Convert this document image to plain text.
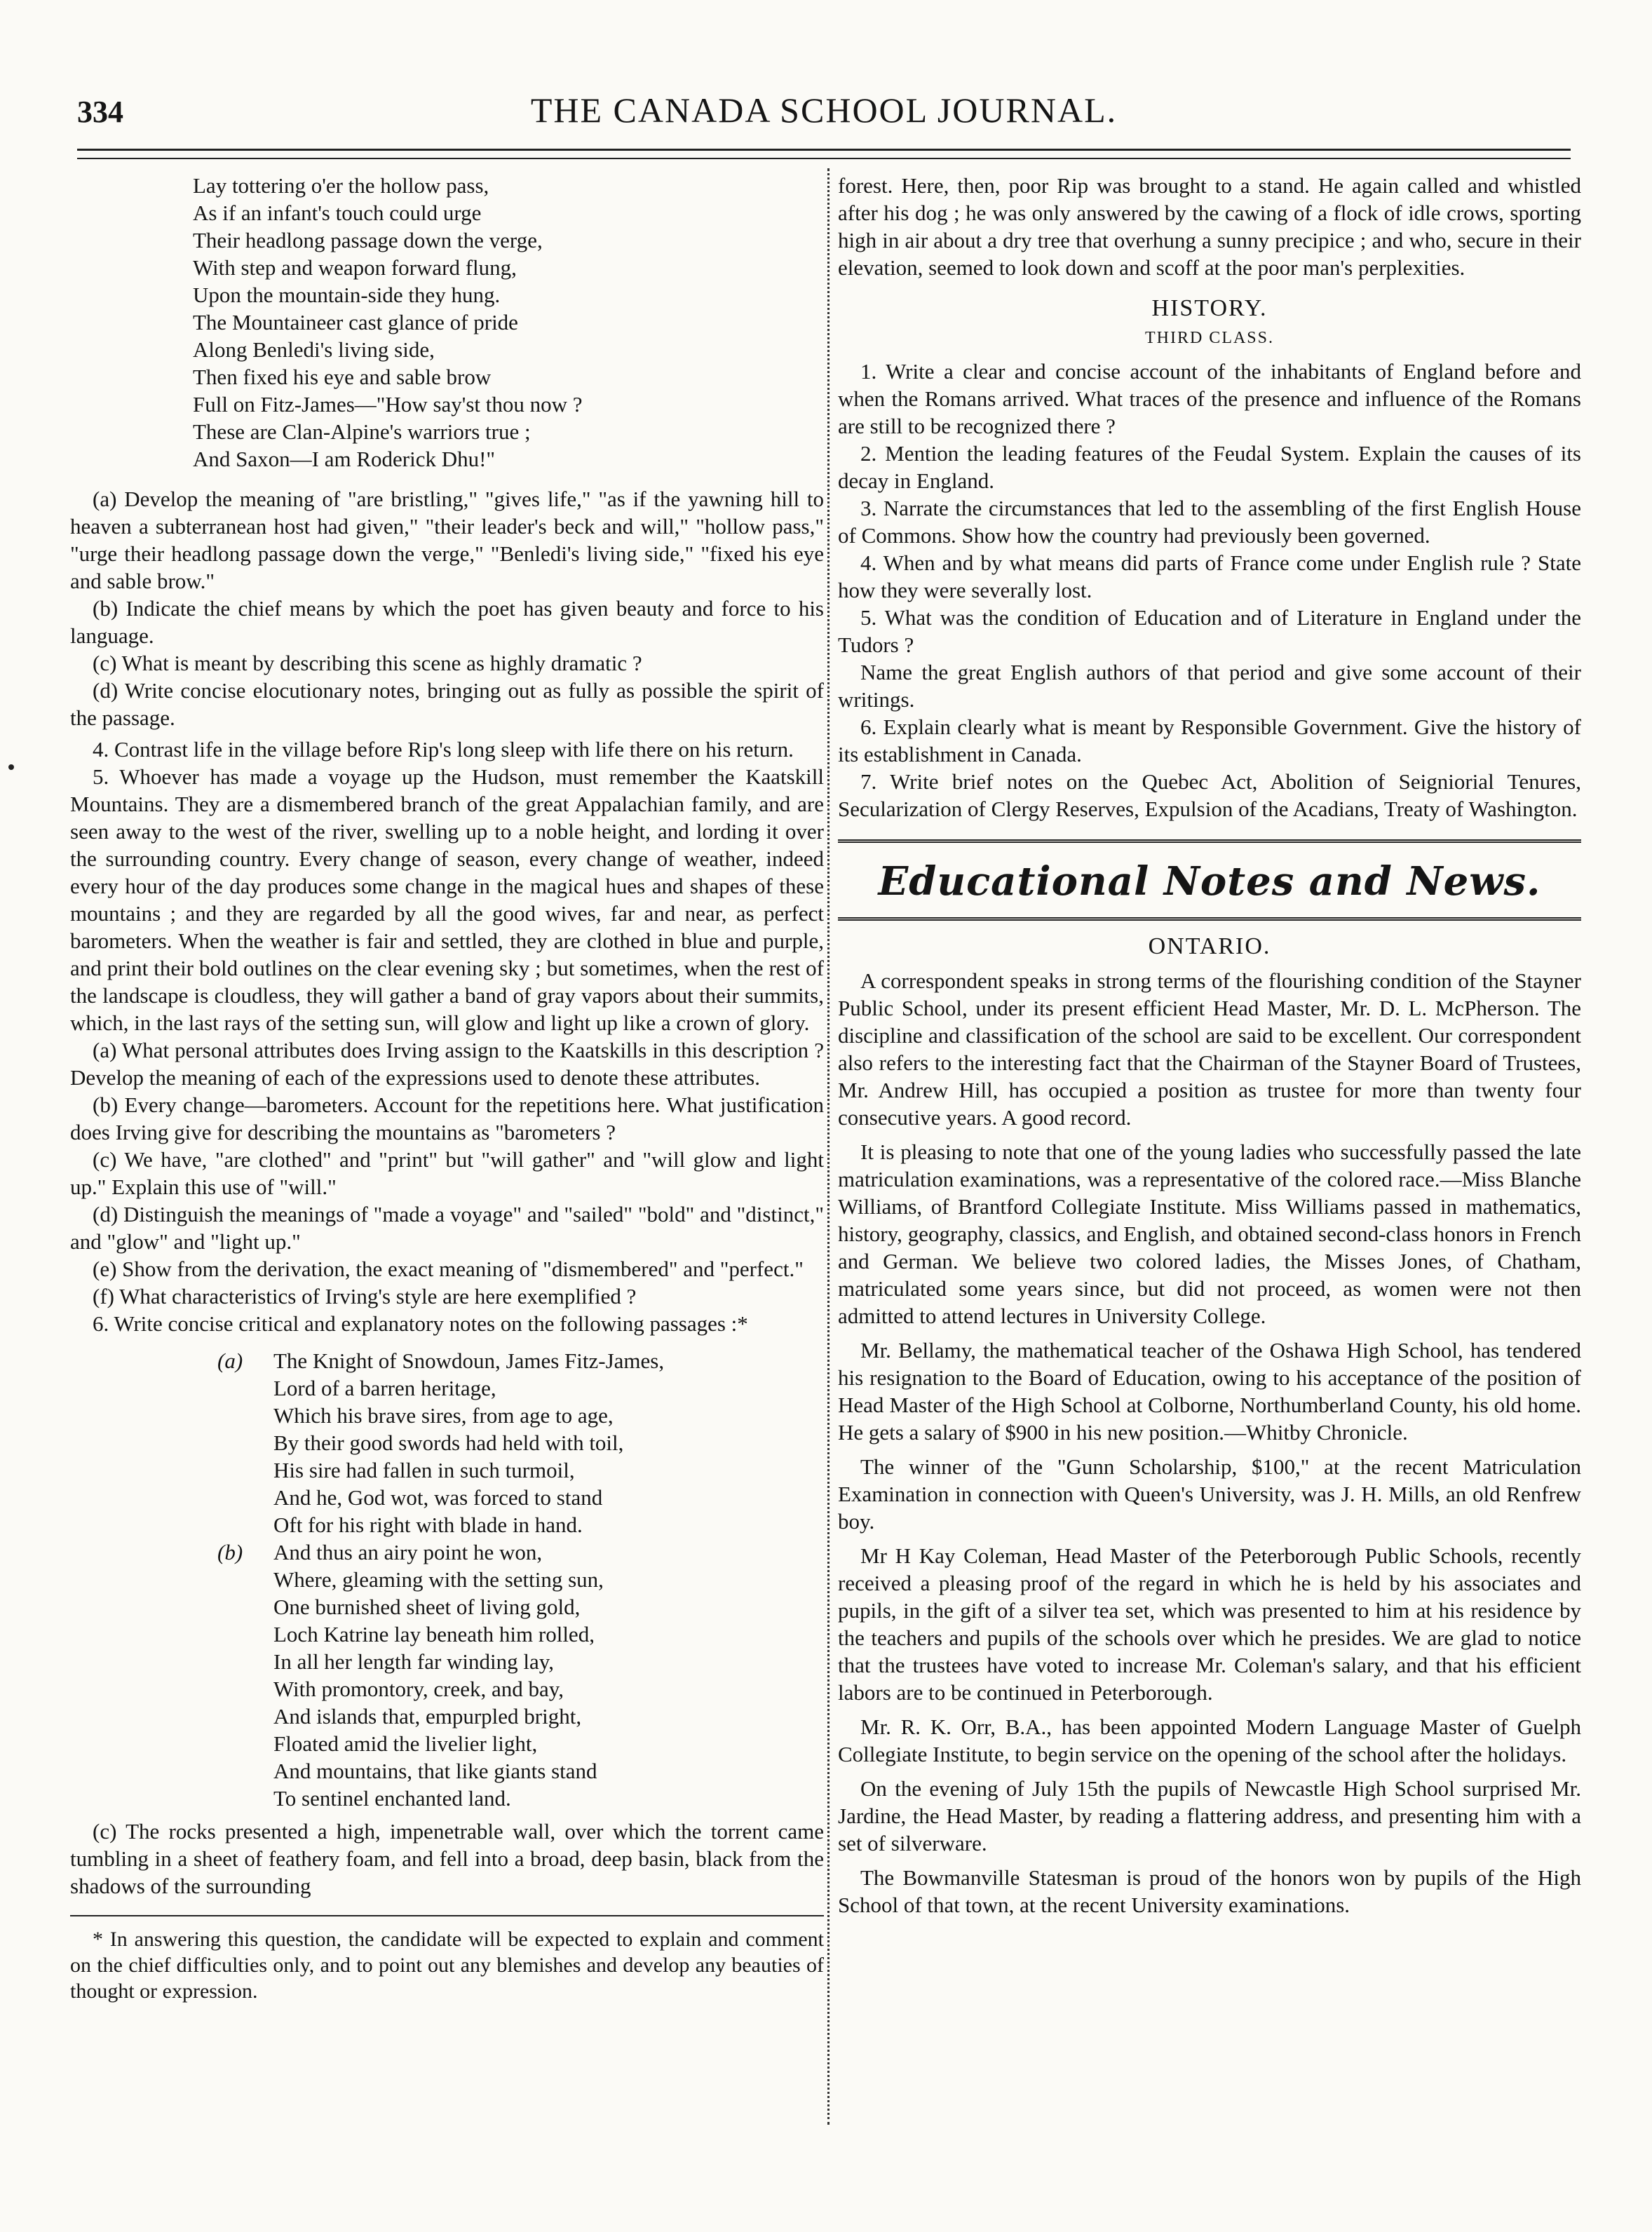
334	THE CANADA SCHOOL JOURNAL.
Lay tottering o'er the hollow pass,
As if an infant's touch could urge
Their headlong passage down the verge,
With step and weapon forward flung,
Upon the mountain-side they hung.
The Mountaineer cast glance of pride
Along Benledi's living side,
Then fixed his eye and sable brow
Full on Fitz-James—"How say'st thou now ?
These are Clan-Alpine's warriors true ;
And Saxon—I am Roderick Dhu!"

(a) Develop the meaning of "are bristling," "gives life," "as if the yawning hill to heaven a subterranean host had given," "their leader's beck and will," "hollow pass," "urge their headlong passage down the verge," "Benledi's living side," "fixed his eye and sable brow."

(b) Indicate the chief means by which the poet has given beauty and force to his language.

(c) What is meant by describing this scene as highly dramatic ?

(d) Write concise elocutionary notes, bringing out as fully as possible the spirit of the passage.

4. Contrast life in the village before Rip's long sleep with life there on his return.

5. Whoever has made a voyage up the Hudson, must remember the Kaatskill Mountains. They are a dismembered branch of the great Appalachian family, and are seen away to the west of the river, swelling up to a noble height, and lording it over the surrounding country. Every change of season, every change of weather, indeed every hour of the day produces some change in the magical hues and shapes of these mountains ; and they are regarded by all the good wives, far and near, as perfect barometers. When the weather is fair and settled, they are clothed in blue and purple, and print their bold outlines on the clear evening sky ; but sometimes, when the rest of the landscape is cloudless, they will gather a band of gray vapors about their summits, which, in the last rays of the setting sun, will glow and light up like a crown of glory.

(a) What personal attributes does Irving assign to the Kaatskills in this description ? Develop the meaning of each of the expressions used to denote these attributes.

(b) Every change—barometers. Account for the repetitions here. What justification does Irving give for describing the mountains as "barometers ?

(c) We have, "are clothed" and "print" but "will gather" and "will glow and light up." Explain this use of "will."

(d) Distinguish the meanings of "made a voyage" and "sailed" "bold" and "distinct," and "glow" and "light up."

(e) Show from the derivation, the exact meaning of "dismembered" and "perfect."

(f) What characteristics of Irving's style are here exemplified ?

6. Write concise critical and explanatory notes on the following passages :*

(a) The Knight of Snowdoun, James Fitz-James,
Lord of a barren heritage,
Which his brave sires, from age to age,
By their good swords had held with toil,
His sire had fallen in such turmoil,
And he, God wot, was forced to stand
Oft for his right with blade in hand.
(b) And thus an airy point he won,
Where, gleaming with the setting sun,
One burnished sheet of living gold,
Loch Katrine lay beneath him rolled,
In all her length far winding lay,
With promontory, creek, and bay,
And islands that, empurpled bright,
Floated amid the livelier light,
And mountains, that like giants stand
To sentinel enchanted land.

(c) The rocks presented a high, impenetrable wall, over which the torrent came tumbling in a sheet of feathery foam, and fell into a broad, deep basin, black from the shadows of the surrounding

* In answering this question, the candidate will be expected to explain and comment on the chief difficulties only, and to point out any blemishes and develop any beauties of thought or expression.

forest. Here, then, poor Rip was brought to a stand. He again called and whistled after his dog ; he was only answered by the cawing of a flock of idle crows, sporting high in air about a dry tree that overhung a sunny precipice ; and who, secure in their elevation, seemed to look down and scoff at the poor man's perplexities.

HISTORY.
THIRD CLASS.

1. Write a clear and concise account of the inhabitants of England before and when the Romans arrived. What traces of the presence and influence of the Romans are still to be recognized there ?

2. Mention the leading features of the Feudal System. Explain the causes of its decay in England.

3. Narrate the circumstances that led to the assembling of the first English House of Commons. Show how the country had previously been governed.

4. When and by what means did parts of France come under English rule ? State how they were severally lost.

5. What was the condition of Education and of Literature in England under the Tudors ?

Name the great English authors of that period and give some account of their writings.

6. Explain clearly what is meant by Responsible Government. Give the history of its establishment in Canada.

7. Write brief notes on the Quebec Act, Abolition of Seigniorial Tenures, Secularization of Clergy Reserves, Expulsion of the Acadians, Treaty of Washington.

Educational Notes and News.
ONTARIO.

A correspondent speaks in strong terms of the flourishing condition of the Stayner Public School, under its present efficient Head Master, Mr. D. L. McPherson. The discipline and classification of the school are said to be excellent. Our correspondent also refers to the interesting fact that the Chairman of the Stayner Board of Trustees, Mr. Andrew Hill, has occupied a position as trustee for more than twenty four consecutive years. A good record.

It is pleasing to note that one of the young ladies who successfully passed the late matriculation examinations, was a representative of the colored race.—Miss Blanche Williams, of Brantford Collegiate Institute. Miss Williams passed in mathematics, history, geography, classics, and English, and obtained second-class honors in French and German. We believe two colored ladies, the Misses Jones, of Chatham, matriculated some years since, but did not proceed, as women were not then admitted to attend lectures in University College.

Mr. Bellamy, the mathematical teacher of the Oshawa High School, has tendered his resignation to the Board of Education, owing to his acceptance of the position of Head Master of the High School at Colborne, Northumberland County, his old home. He gets a salary of $900 in his new position.—Whitby Chronicle.

The winner of the "Gunn Scholarship, $100," at the recent Matriculation Examination in connection with Queen's University, was J. H. Mills, an old Renfrew boy.

Mr H Kay Coleman, Head Master of the Peterborough Public Schools, recently received a pleasing proof of the regard in which he is held by his associates and pupils, in the gift of a silver tea set, which was presented to him at his residence by the teachers and pupils of the schools over which he presides. We are glad to notice that the trustees have voted to increase Mr. Coleman's salary, and that his efficient labors are to be continued in Peterborough.

Mr. R. K. Orr, B.A., has been appointed Modern Language Master of Guelph Collegiate Institute, to begin service on the opening of the school after the holidays.

On the evening of July 15th the pupils of Newcastle High School surprised Mr. Jardine, the Head Master, by reading a flattering address, and presenting him with a set of silverware.

The Bowmanville Statesman is proud of the honors won by pupils of the High School of that town, at the recent University examinations.
